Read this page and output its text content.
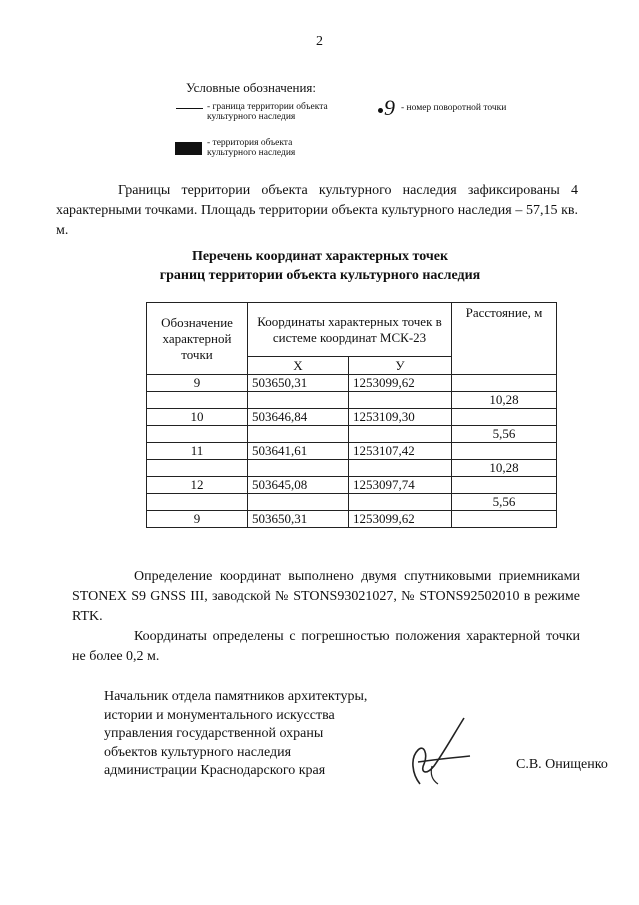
2
Условные обозначения:
- граница территории объекта культурного наследия	9 - номер поворотной точки
- территория объекта культурного наследия
Границы территории объекта культурного наследия зафиксированы 4 характерными точками. Площадь территории объекта культурного наследия – 57,15 кв. м.
Перечень координат характерных точек
границ территории объекта культурного наследия
Обозначение характерной точки	Координаты характерных точек в системе координат МСК-23		Расстояние, м
	Х	У	
9	503650,31	1253099,62	
			10,28
10	503646,84	1253109,30	
			5,56
11	503641,61	1253107,42	
			10,28
12	503645,08	1253097,74	
			5,56
9	503650,31	1253099,62	
Определение координат выполнено двумя спутниковыми приемниками STONEX S9 GNSS III, заводской № STONS93021027, № STONS92502010 в режиме RTK.
Координаты определены с погрешностью положения характерной точки не более 0,2 м.
Начальник отдела памятников архитектуры,
истории и монументального искусства
управления государственной охраны
объектов культурного наследия
администрации Краснодарского края	С.В. Онищенко
